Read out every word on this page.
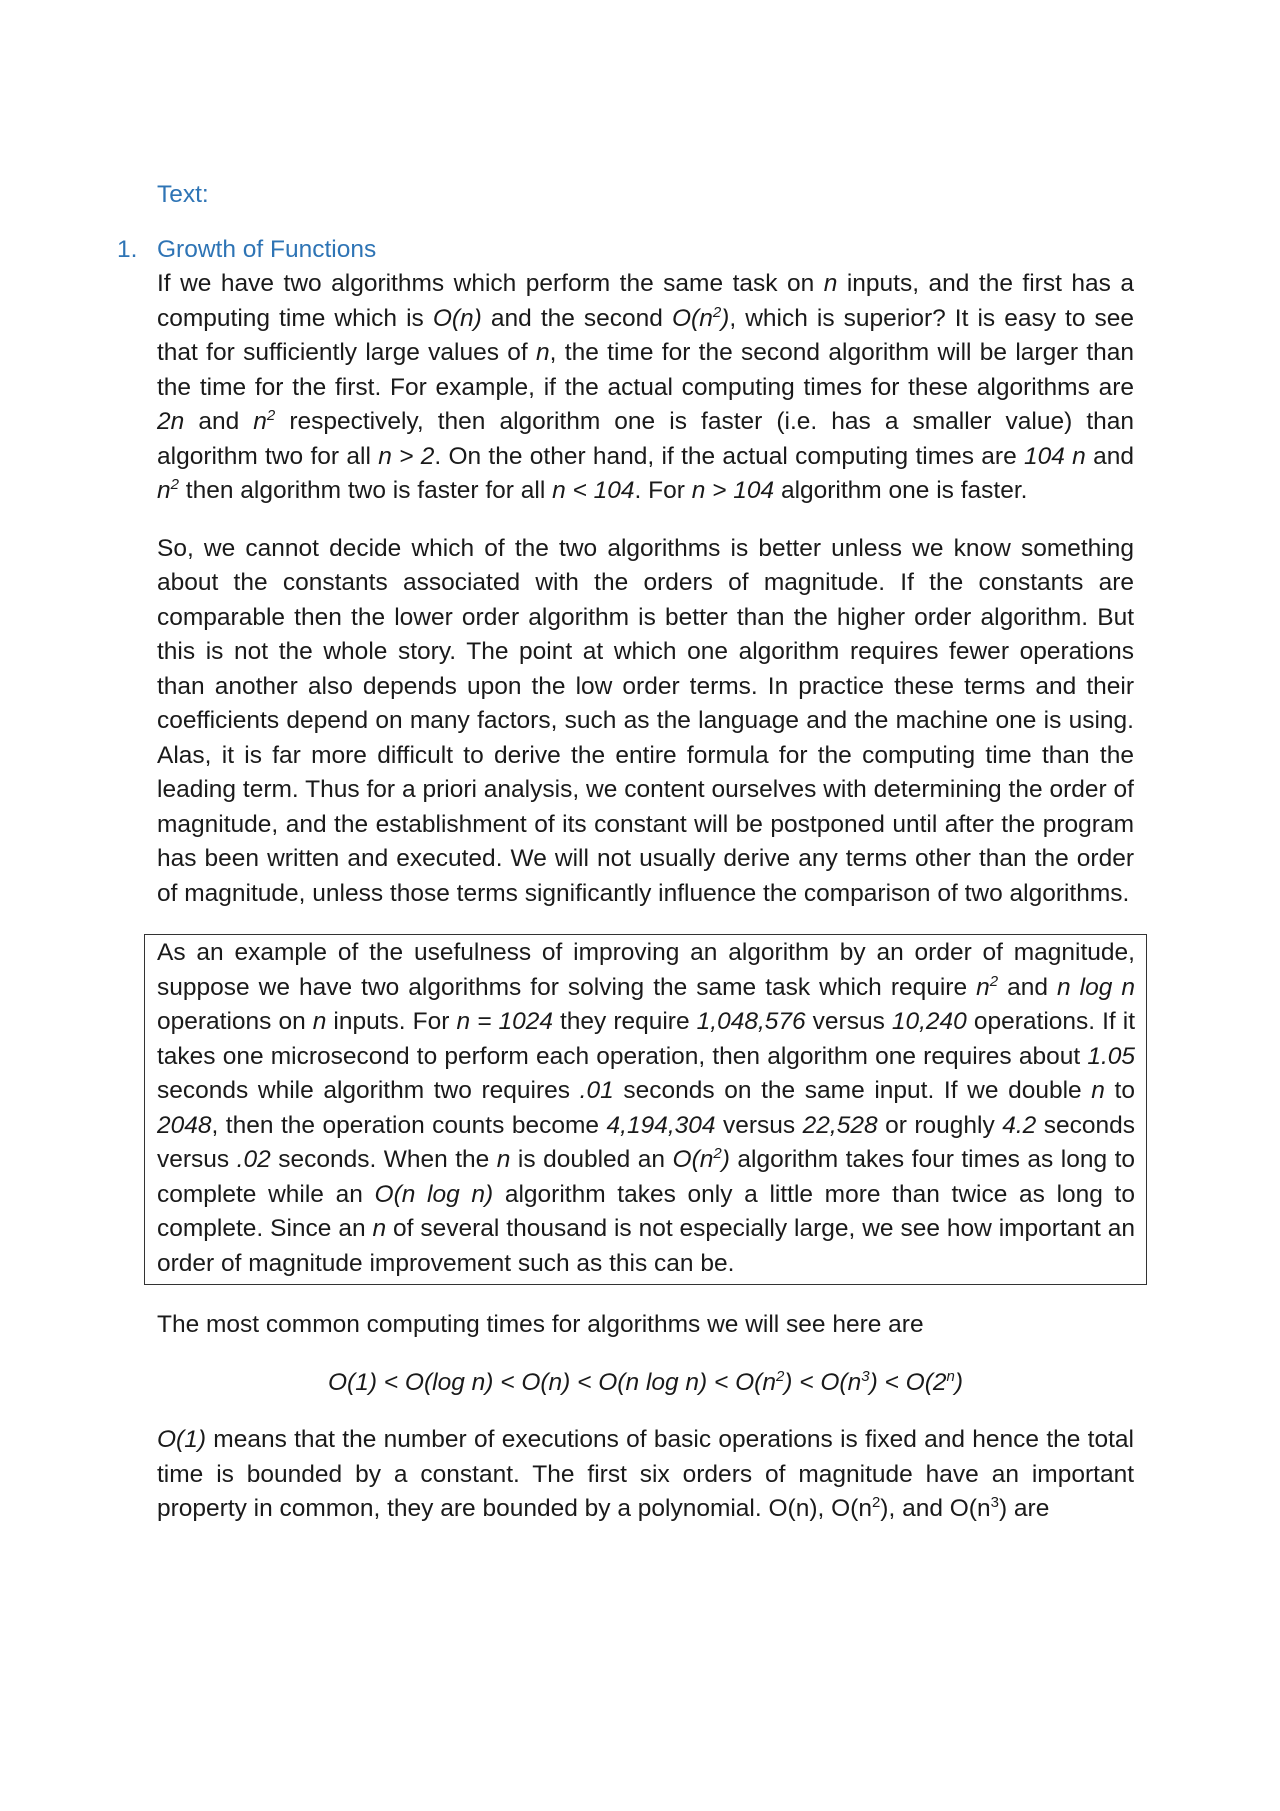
Text:
1. Growth of Functions

If we have two algorithms which perform the same task on n inputs, and the first has a computing time which is O(n) and the second $O(n^2)$, which is superior? It is easy to see that for sufficiently large values of n, the time for the second algorithm will be larger than the time for the first. For example, if the actual computing times for these algorithms are 2n and $n^2$ respectively, then algorithm one is faster (i.e. has a smaller value) than algorithm two for all n > 2. On the other hand, if the actual computing times are 104 n and $n^2$ then algorithm two is faster for all n < 104. For n > 104 algorithm one is faster.

So, we cannot decide which of the two algorithms is better unless we know something about the constants associated with the orders of magnitude. If the constants are comparable then the lower order algorithm is better than the higher order algorithm. But this is not the whole story. The point at which one algorithm requires fewer operations than another also depends upon the low order terms. In practice these terms and their coefficients depend on many factors, such as the language and the machine one is using. Alas, it is far more difficult to derive the entire formula for the computing time than the leading term. Thus for a priori analysis, we content ourselves with determining the order of magnitude, and the establishment of its constant will be postponed until after the program has been written and executed. We will not usually derive any terms other than the order of magnitude, unless those terms significantly influence the comparison of two algorithms.

As an example of the usefulness of improving an algorithm by an order of magnitude, suppose we have two algorithms for solving the same task which require $n^2$ and n log n operations on n inputs. For n = 1024 they require 1,048,576 versus 10,240 operations. If it takes one microsecond to perform each operation, then algorithm one requires about 1.05 seconds while algorithm two requires .01 seconds on the same input. If we double n to 2048, then the operation counts become 4,194,304 versus 22,528 or roughly 4.2 seconds versus .02 seconds. When the n is doubled an $O(n^2)$ algorithm takes four times as long to complete while an O(n log n) algorithm takes only a little more than twice as long to complete. Since an n of several thousand is not especially large, we see how important an order of magnitude improvement such as this can be.

The most common computing times for algorithms we will see here are

O(1) < O(log n) < O(n) < O(n $\log n) < O(n^2) < O(n^3) < O(2^n)$

O(1) means that the number of executions of basic operations is fixed and hence the total time is bounded by a constant. The first six orders of magnitude have an important property in common, they are bounded by a polynomial. O(n), $O(n^2)$, and $O(n^3)$ are
